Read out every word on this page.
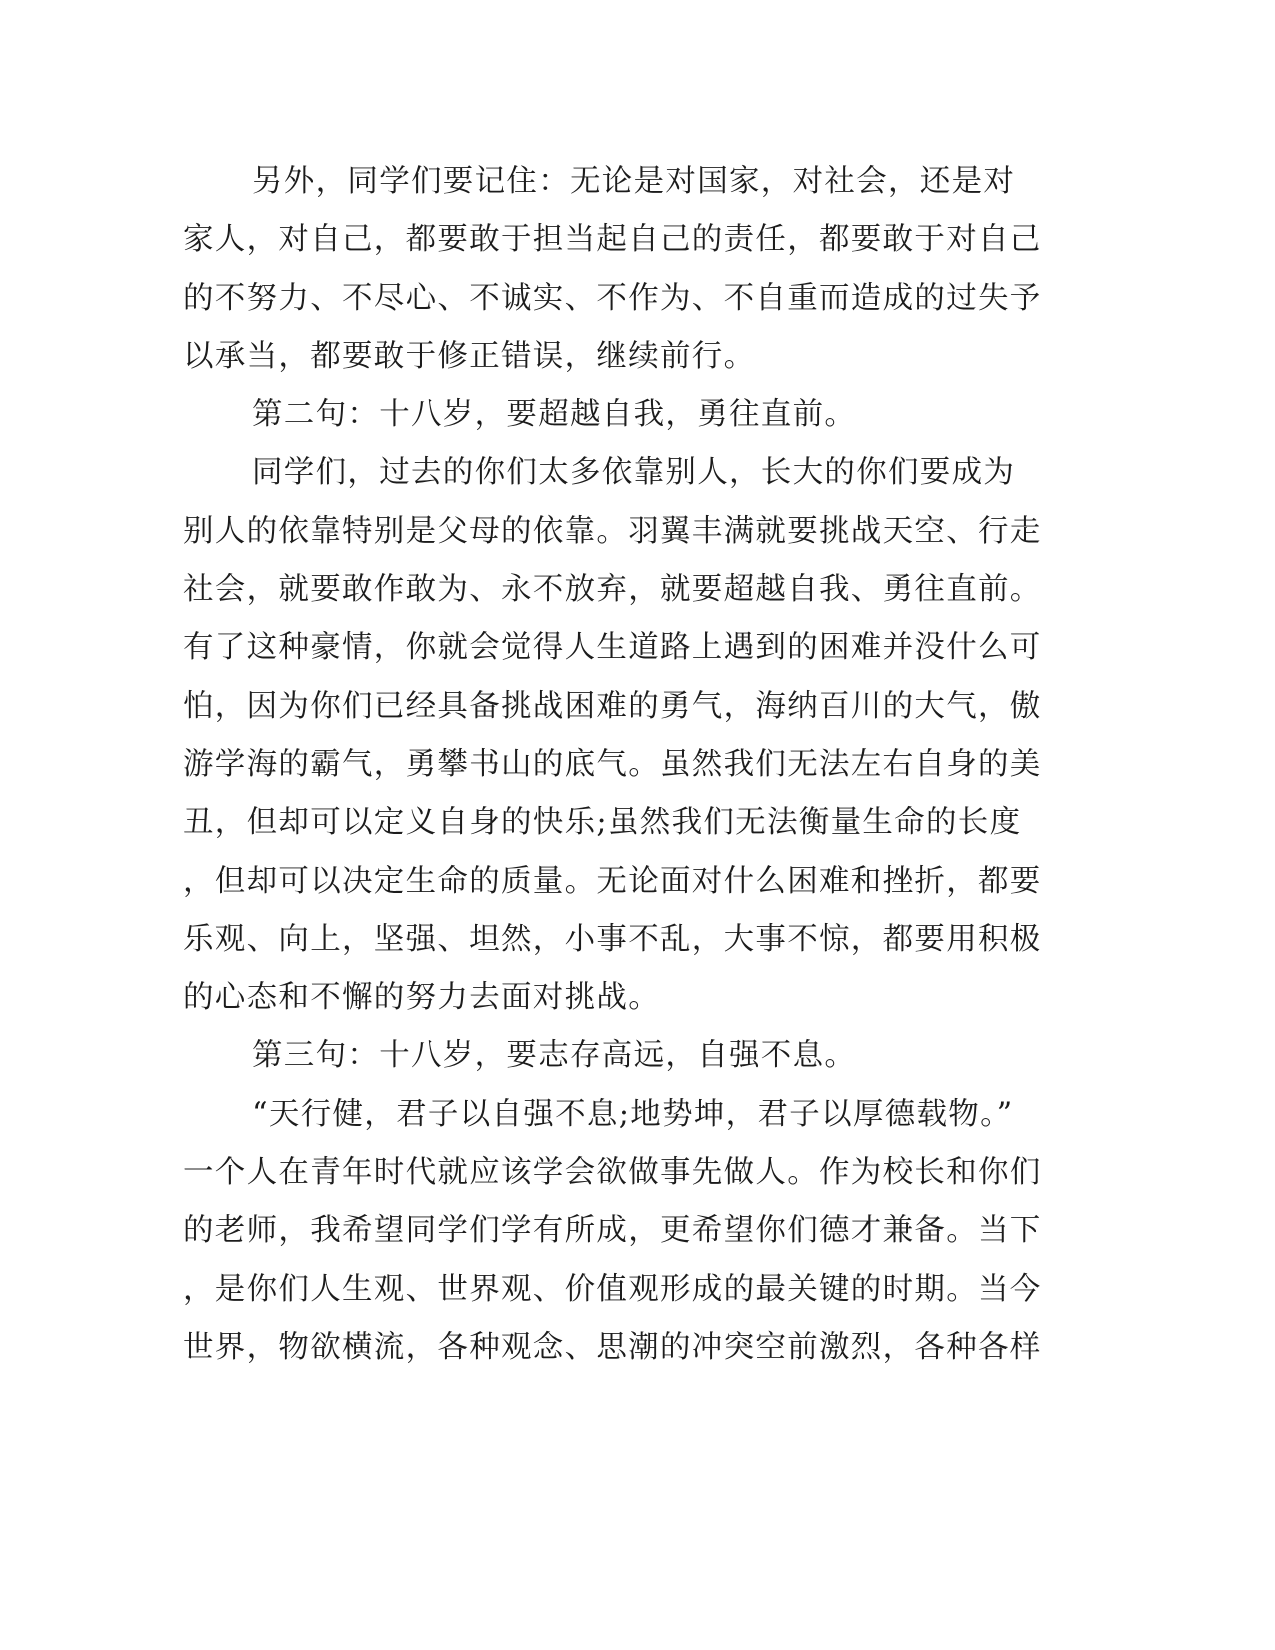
另外，同学们要记住：无论是对国家，对社会，还是对
家人，对自己，都要敢于担当起自己的责任，都要敢于对自己
的不努力、不尽心、不诚实、不作为、不自重而造成的过失予
以承当，都要敢于修正错误，继续前行。
第二句：十八岁，要超越自我，勇往直前。
同学们，过去的你们太多依靠别人，长大的你们要成为
别人的依靠特别是父母的依靠。羽翼丰满就要挑战天空、行走
社会，就要敢作敢为、永不放弃，就要超越自我、勇往直前。
有了这种豪情，你就会觉得人生道路上遇到的困难并没什么可
怕，因为你们已经具备挑战困难的勇气，海纳百川的大气，傲
游学海的霸气，勇攀书山的底气。虽然我们无法左右自身的美
丑，但却可以定义自身的快乐;虽然我们无法衡量生命的长度
，但却可以决定生命的质量。无论面对什么困难和挫折，都要
乐观、向上，坚强、坦然，小事不乱，大事不惊，都要用积极
的心态和不懈的努力去面对挑战。
第三句：十八岁，要志存高远，自强不息。
“天行健，君子以自强不息;地势坤，君子以厚德载物。”
一个人在青年时代就应该学会欲做事先做人。作为校长和你们
的老师，我希望同学们学有所成，更希望你们德才兼备。当下
，是你们人生观、世界观、价值观形成的最关键的时期。当今
世界，物欲横流，各种观念、思潮的冲突空前激烈，各种各样
